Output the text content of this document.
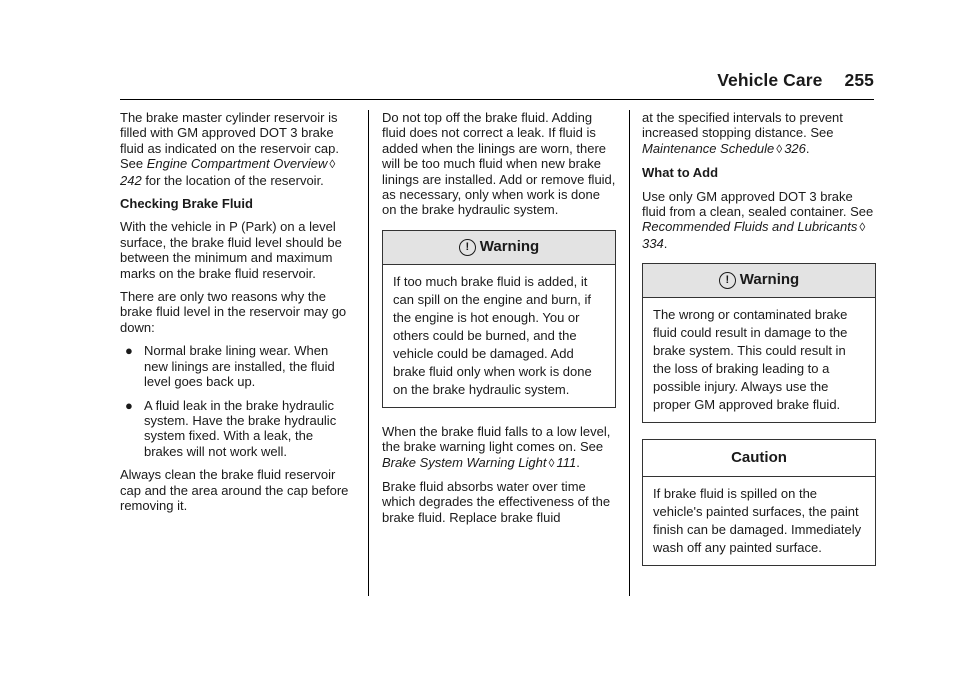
Vehicle Care 255

The brake master cylinder reservoir is filled with GM approved DOT 3 brake fluid as indicated on the reservoir cap. See Engine Compartment Overview ◊242 for the location of the reservoir.

Checking Brake Fluid

With the vehicle in P (Park) on a level surface, the brake fluid level should be between the minimum and maximum marks on the brake fluid reservoir.

There are only two reasons why the brake fluid level in the reservoir may go down:

● Normal brake lining wear. When new linings are installed, the fluid level goes back up.
● A fluid leak in the brake hydraulic system. Have the brake hydraulic system fixed. With a leak, the brakes will not work well.

Always clean the brake fluid reservoir cap and the area around the cap before removing it.

Do not top off the brake fluid. Adding fluid does not correct a leak. If fluid is added when the linings are worn, there will be too much fluid when new brake linings are installed. Add or remove fluid, as necessary, only when work is done on the brake hydraulic system.

! Warning
If too much brake fluid is added, it can spill on the engine and burn, if the engine is hot enough. You or others could be burned, and the vehicle could be damaged. Add brake fluid only when work is done on the brake hydraulic system.

When the brake fluid falls to a low level, the brake warning light comes on. See Brake System Warning Light ◊ 111.

Brake fluid absorbs water over time which degrades the effectiveness of the brake fluid. Replace brake fluid

at the specified intervals to prevent increased stopping distance. See Maintenance Schedule ◊ 326.

What to Add

Use only GM approved DOT 3 brake fluid from a clean, sealed container. See Recommended Fluids and Lubricants ◊334.

! Warning
The wrong or contaminated brake fluid could result in damage to the brake system. This could result in the loss of braking leading to a possible injury. Always use the proper GM approved brake fluid.
Caution
If brake fluid is spilled on the vehicle's painted surfaces, the paint finish can be damaged. Immediately wash off any painted surface.
